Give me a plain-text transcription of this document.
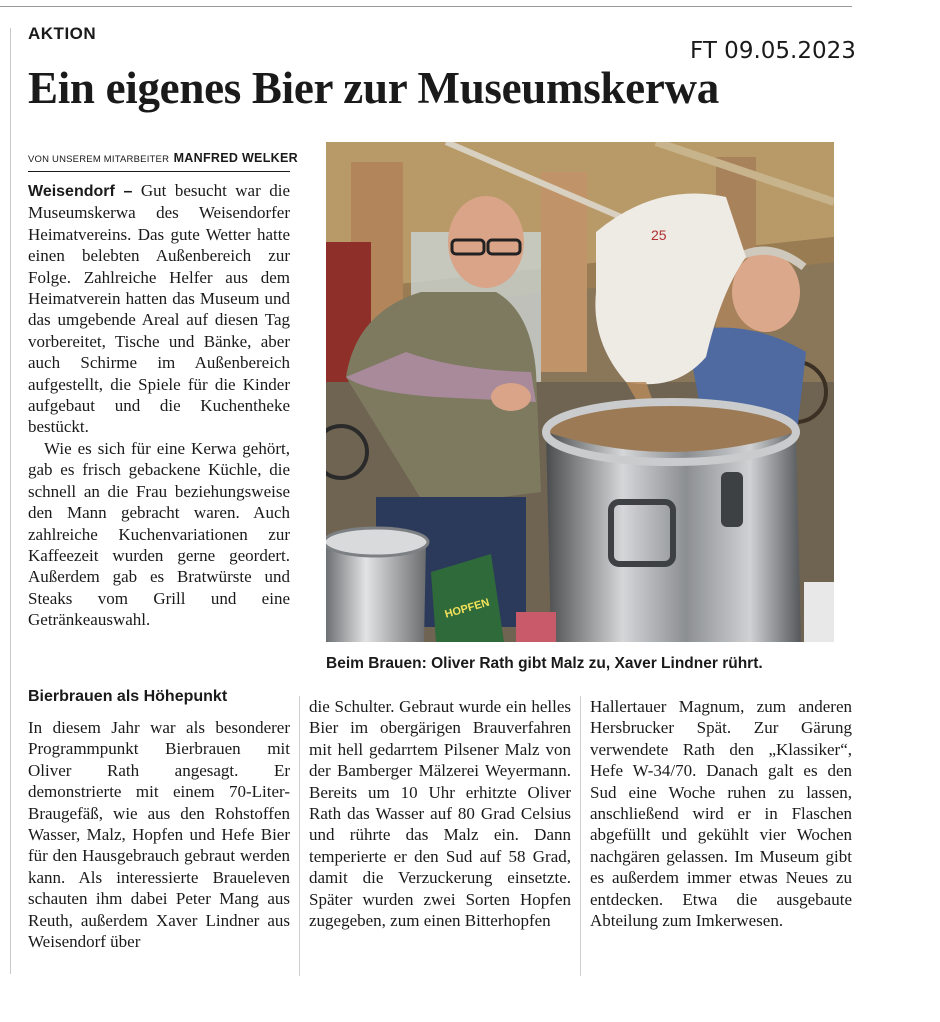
AKTION
FT 09.05.2023
Ein eigenes Bier zur Museumskerwa
VON UNSEREM MITARBEITER MANFRED WELKER

Weisendorf – Gut besucht war die Museumskerwa des Weisendorfer Heimatvereins. Das gute Wetter hatte einen belebten Außenbereich zur Folge. Zahlreiche Helfer aus dem Heimatverein hatten das Museum und das umgebende Areal auf diesen Tag vorbereitet, Tische und Bänke, aber auch Schirme im Außenbereich aufgestellt, die Spiele für die Kinder aufgebaut und die Kuchentheke bestückt.

Wie es sich für eine Kerwa gehört, gab es frisch gebackene Küchle, die schnell an die Frau beziehungsweise den Mann gebracht waren. Auch zahlreiche Kuchenvariationen zur Kaffeezeit wurden gerne geordert. Außerdem gab es Bratwürste und Steaks vom Grill und eine Getränkeauswahl.

Bierbrauen als Höhepunkt

In diesem Jahr war als besonderer Programmpunkt Bierbrauen mit Oliver Rath angesagt. Er demonstrierte mit einem 70-Liter-Braugefäß, wie aus den Rohstoffen Wasser, Malz, Hopfen und Hefe Bier für den Hausgebrauch gebraut werden kann. Als interessierte Braueleven schauten ihm dabei Peter Mang aus Reuth, außerdem Xaver Lindner aus Weisendorf über

die Schulter. Gebraut wurde ein helles Bier im obergärigen Brauverfahren mit hell gedarrtem Pilsener Malz von der Bamberger Mälzerei Weyermann. Bereits um 10 Uhr erhitzte Oliver Rath das Wasser auf 80 Grad Celsius und rührte das Malz ein. Dann temperierte er den Sud auf 58 Grad, damit die Verzuckerung einsetzte. Später wurden zwei Sorten Hopfen zugegeben, zum einen Bitterhopfen

Hallertauer Magnum, zum anderen Hersbrucker Spät. Zur Gärung verwendete Rath den „Klassiker“, Hefe W-34/70. Danach galt es den Sud eine Woche ruhen zu lassen, anschließend wird er in Flaschen abgefüllt und gekühlt vier Wochen nachgären gelassen. Im Museum gibt es außerdem immer etwas Neues zu entdecken. Etwa die ausgebaute Abteilung zum Imkerwesen.

25
HOPFEN
Beim Brauen: Oliver Rath gibt Malz zu, Xaver Lindner rührt.
